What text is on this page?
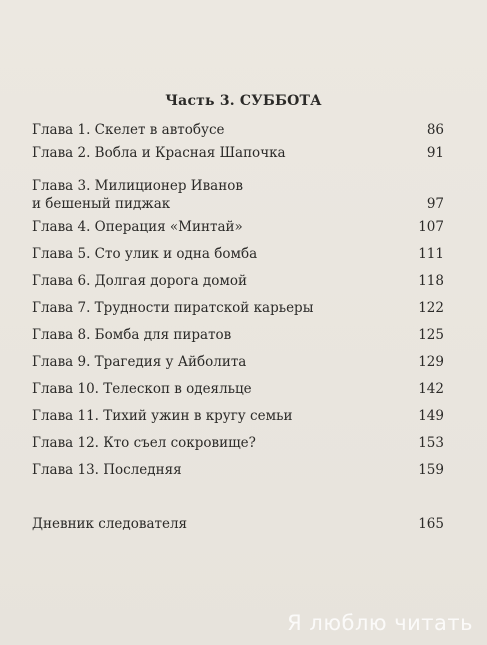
Часть 3. СУББОТА
Глава 1. Скелет в автобусе	86
Глава 2. Вобла и Красная Шапочка	91
Глава 3. Милиционер Иванов
и бешеный пиджак	97
Глава 4. Операция «Минтай»	107
Глава 5. Сто улик и одна бомба	111
Глава 6. Долгая дорога домой	118
Глава 7. Трудности пиратской карьеры	122
Глава 8. Бомба для пиратов	125
Глава 9. Трагедия у Айболита	129
Глава 10. Телескоп в одеяльце	142
Глава 11. Тихий ужин в кругу семьи	149
Глава 12. Кто съел сокровище?	153
Глава 13. Последняя	159
Дневник следователя	165
Я люблю читать
